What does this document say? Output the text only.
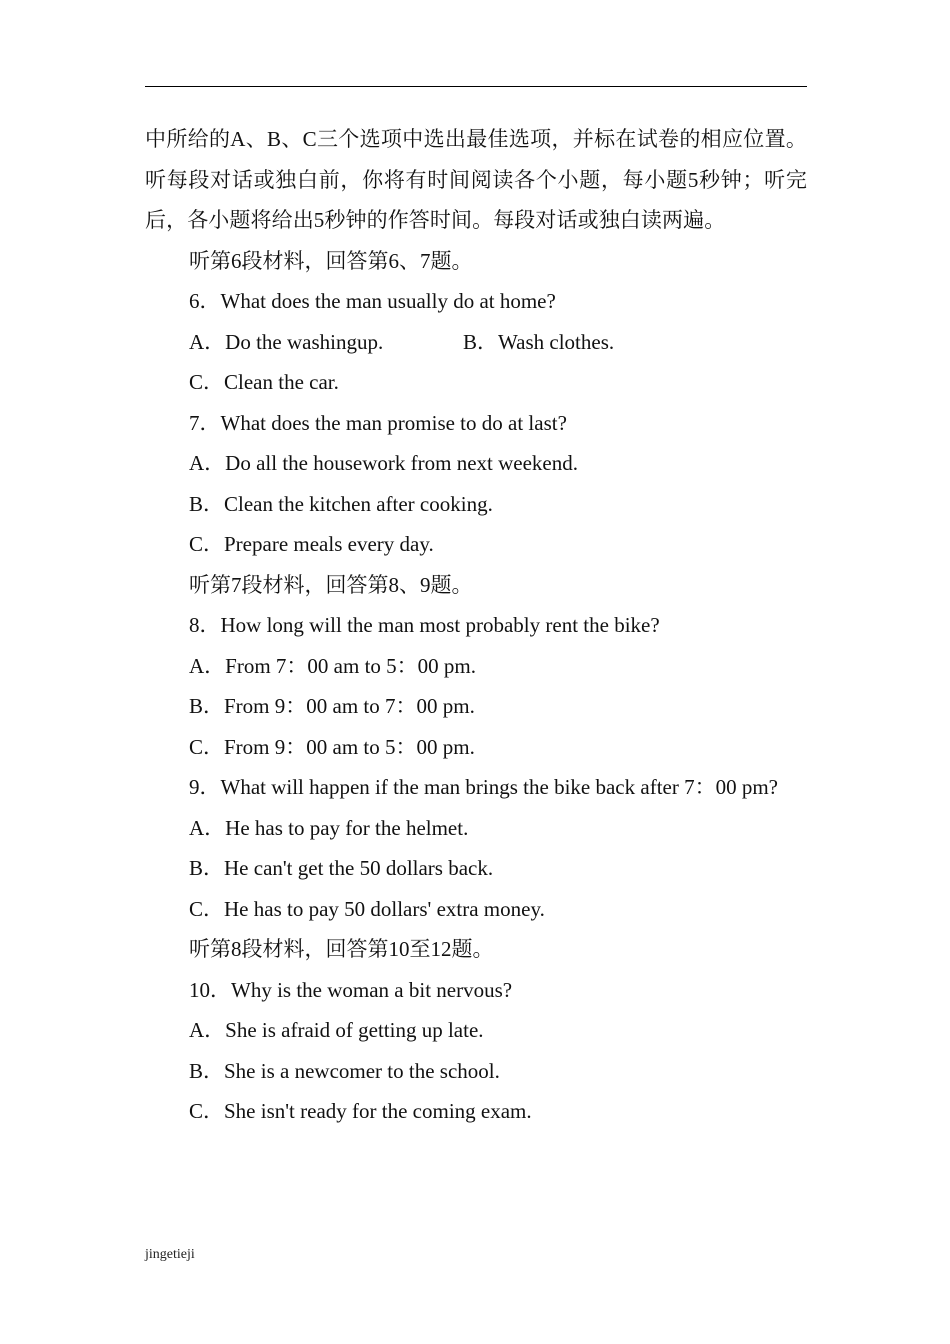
中所给的A、B、C三个选项中选出最佳选项，并标在试卷的相应位置。听每段对话或独白前，你将有时间阅读各个小题，每小题5秒钟；听完后，各小题将给出5秒钟的作答时间。每段对话或独白读两遍。

听第6段材料，回答第6、7题。

6．What does the man usually do at home?

A．Do the washingup.	B．Wash clothes.

C．Clean the car.

7．What does the man promise to do at last?

A．Do all the housework from next weekend.

B．Clean the kitchen after cooking.

C．Prepare meals every day.

听第7段材料，回答第8、9题。

8．How long will the man most probably rent the bike?

A．From 7：00 am to 5：00 pm.

B．From 9：00 am to 7：00 pm.

C．From 9：00 am to 5：00 pm.

9．What will happen if the man brings the bike back after 7：00 pm?

A．He has to pay for the helmet.

B．He can't get the 50 dollars back.

C．He has to pay 50 dollars' extra money.

听第8段材料，回答第10至12题。

10．Why is the woman a bit nervous?

A．She is afraid of getting up late.

B．She is a newcomer to the school.

C．She isn't ready for the coming exam.

jingetieji
